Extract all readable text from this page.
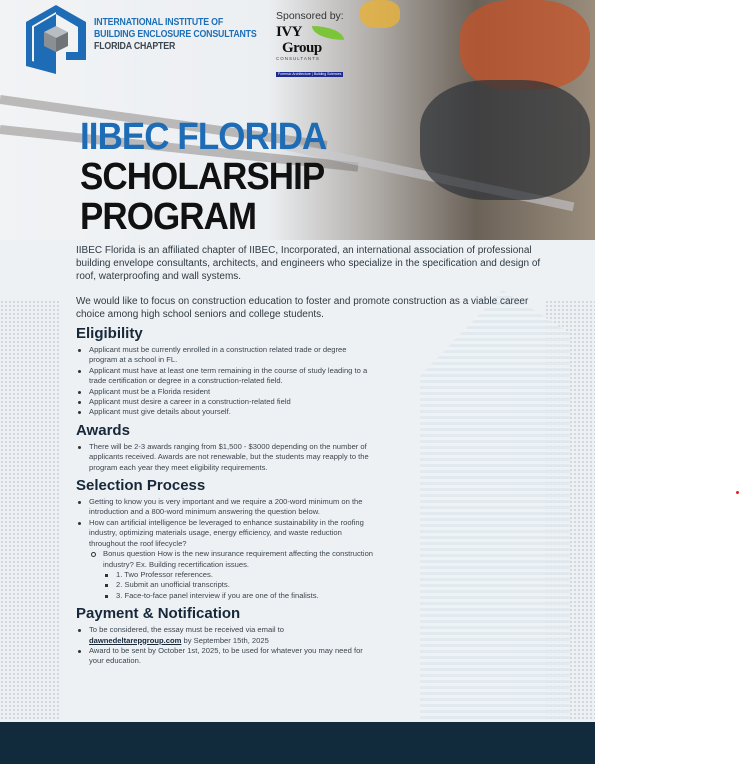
INTERNATIONAL INSTITUTE OF
BUILDING ENCLOSURE CONSULTANTS
FLORIDA CHAPTER
Sponsored by:
IVY
Group
CONSULTANTS
Forensic Architecture | Building Sciences
IIBEC FLORIDA
SCHOLARSHIP
PROGRAM

IIBEC Florida is an affiliated chapter of IIBEC, Incorporated, an international association of professional building envelope consultants, architects, and engineers who specialize in the specification and design of roof, waterproofing and wall systems.

We would like to focus on construction education to foster and promote construction as a viable career choice among high school seniors and college students.

Eligibility
Applicant must be currently enrolled in a construction related trade or degree program at a school in FL.
Applicant must have at least one term remaining in the course of study leading to a trade certification or degree in a construction-related field.
Applicant must be a Florida resident
Applicant must desire a career in a construction-related field
Applicant must give details about yourself.
Awards
There will be 2-3 awards ranging from $1,500 - $3000 depending on the number of applicants received. Awards are not renewable, but the students may reapply to the program each year they meet eligibility requirements.
Selection Process
Getting to know you is very important and we require a 200-word minimum on the introduction and a 800-word minimum answering the question below.
How can artificial intelligence be leveraged to enhance sustainability in the roofing industry, optimizing materials usage, energy efficiency, and waste reduction throughout the roof lifecycle?
Bonus question How is the new insurance requirement affecting the construction industry? Ex. Building recertification issues.
1. Two Professor references.
2. Submit an unofficial transcripts.
3. Face-to-face panel interview if you are one of the finalists.
Payment & Notification
To be considered, the essay must be received via email to
dawnedeltarepgroup.com by September 15th, 2025
Award to be sent by October 1st, 2025, to be used for whatever you may need for your education.
